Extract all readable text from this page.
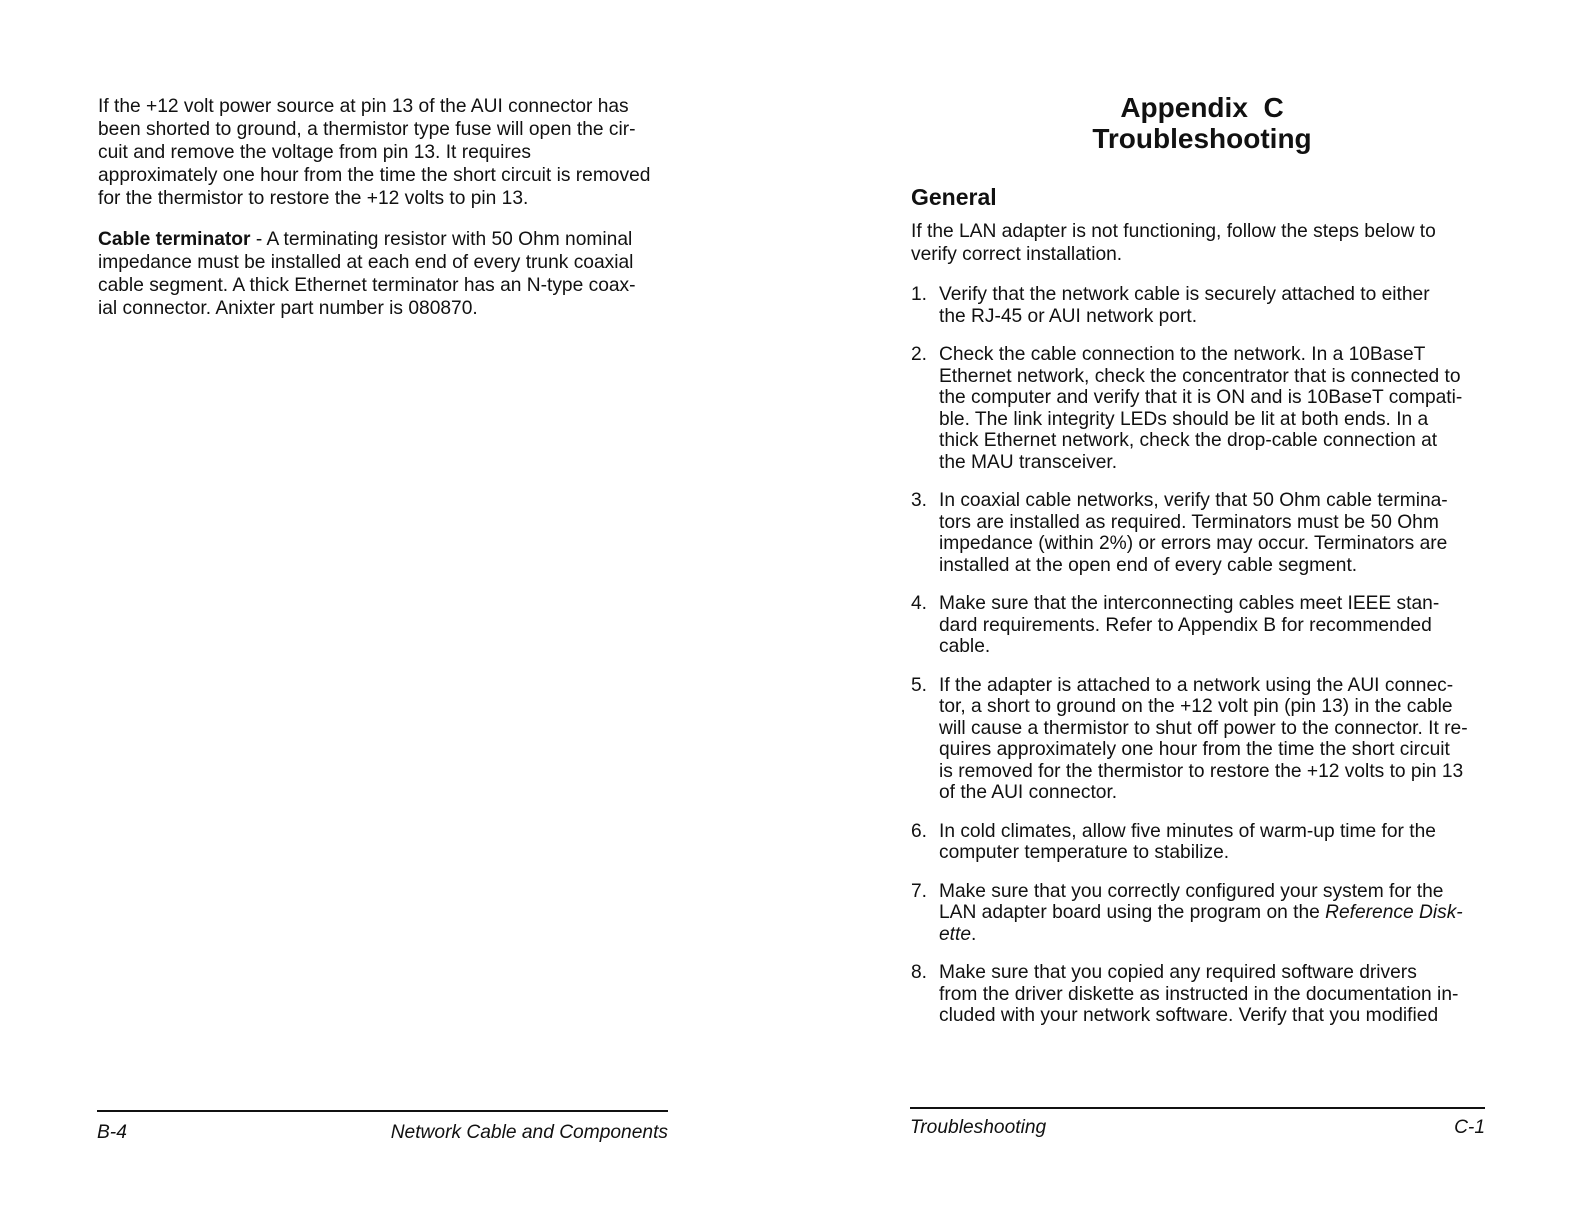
If the +12 volt power source at pin 13 of the AUI connector has
been shorted to ground, a thermistor type fuse will open the cir-
cuit and remove the voltage from pin 13. It requires
approximately one hour from the time the short circuit is removed
for the thermistor to restore the +12 volts to pin 13.

Cable terminator - A terminating resistor with 50 Ohm nominal
impedance must be installed at each end of every trunk coaxial
cable segment. A thick Ethernet terminator has an N-type coax-
ial connector. Anixter part number is 080870.

B-4	Network Cable and Components
Appendix  C
Troubleshooting
General

If the LAN adapter is not functioning, follow the steps below to
verify correct installation.

1. Verify that the network cable is securely attached to either
the RJ-45 or AUI network port.
2. Check the cable connection to the network. In a 10BaseT
Ethernet network, check the concentrator that is connected to
the computer and verify that it is ON and is 10BaseT compati-
ble. The link integrity LEDs should be lit at both ends. In a
thick Ethernet network, check the drop-cable connection at
the MAU transceiver.
3. In coaxial cable networks, verify that 50 Ohm cable termina-
tors are installed as required. Terminators must be 50 Ohm
impedance (within 2%) or errors may occur. Terminators are
installed at the open end of every cable segment.
4. Make sure that the interconnecting cables meet IEEE stan-
dard requirements. Refer to Appendix B for recommended
cable.
5. If the adapter is attached to a network using the AUI connec-
tor, a short to ground on the +12 volt pin (pin 13) in the cable
will cause a thermistor to shut off power to the connector. It re-
quires approximately one hour from the time the short circuit
is removed for the thermistor to restore the +12 volts to pin 13
of the AUI connector.
6. In cold climates, allow five minutes of warm-up time for the
computer temperature to stabilize.
7. Make sure that you correctly configured your system for the
LAN adapter board using the program on the Reference Disk-
ette.
8. Make sure that you copied any required software drivers
from the driver diskette as instructed in the documentation in-
cluded with your network software. Verify that you modified
Troubleshooting	C-1
